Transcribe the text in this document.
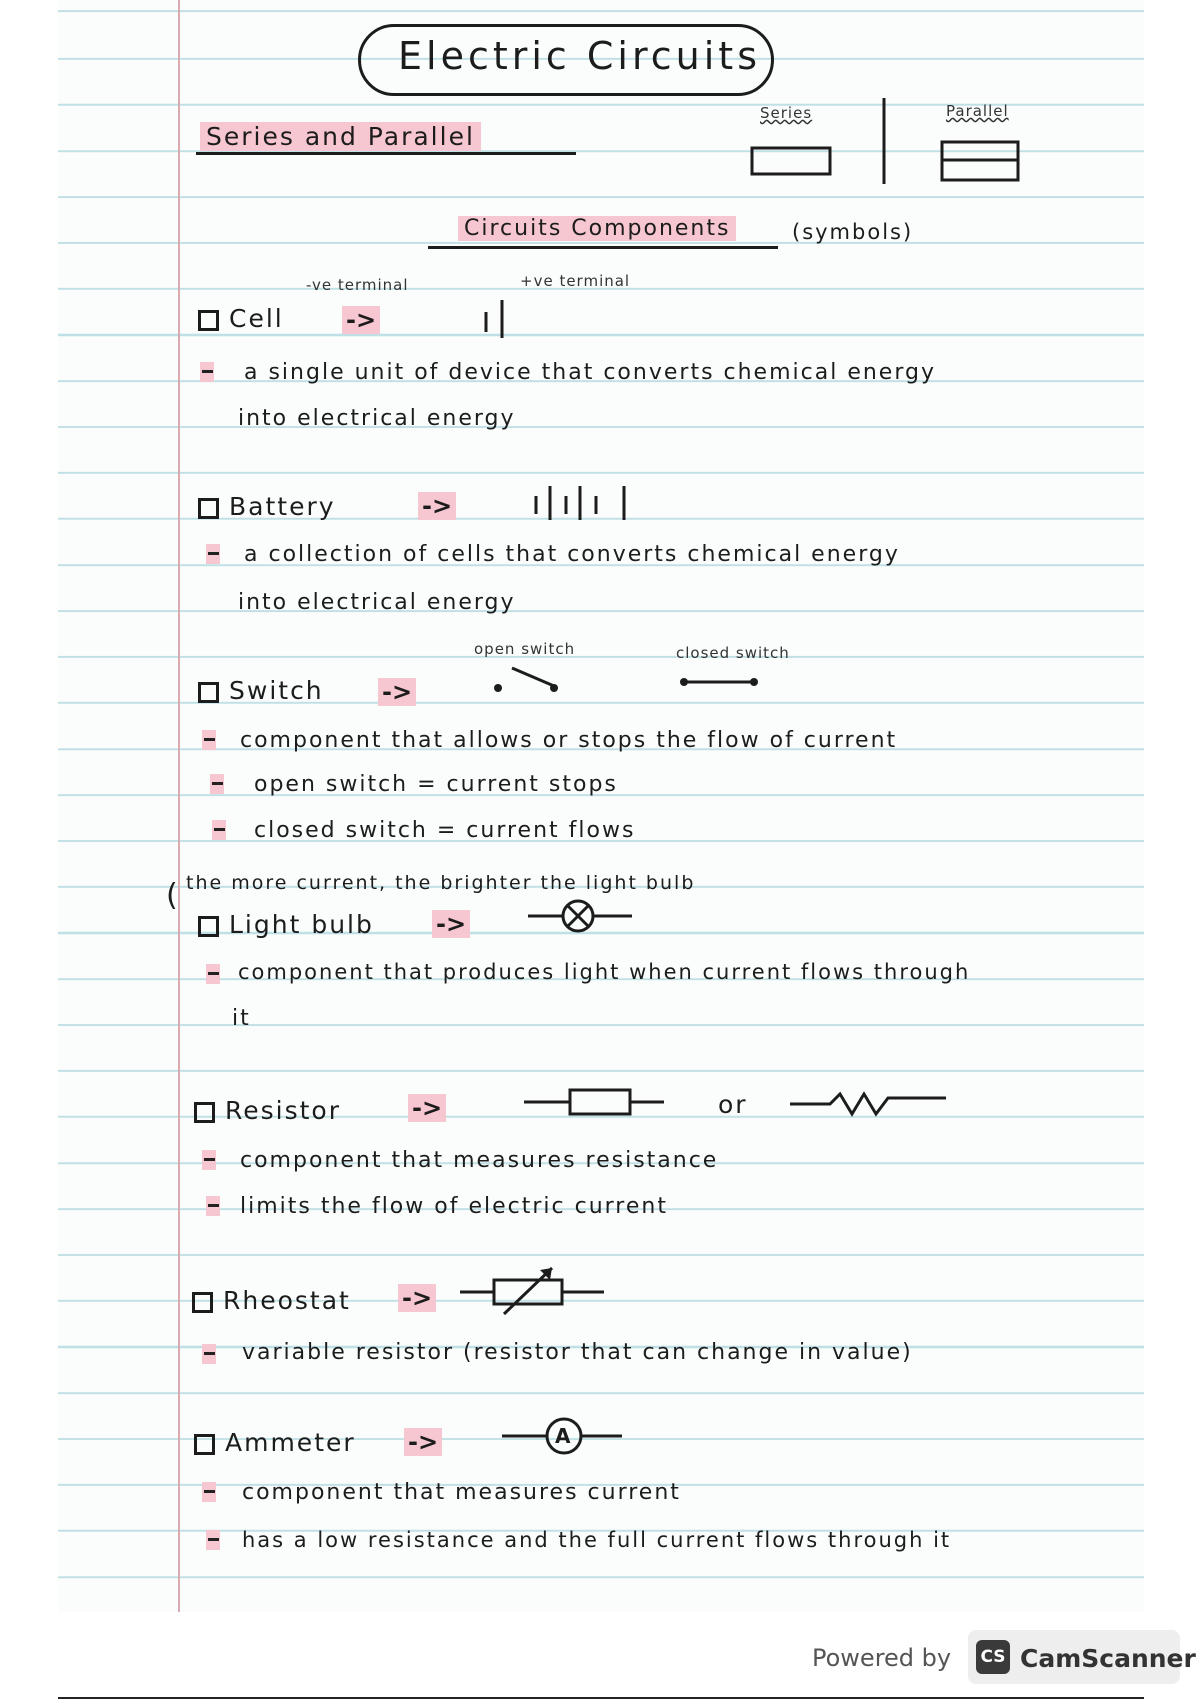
Electric Circuits
Series and Parallel
Series	Parallel
Circuits Components	(symbols)
-ve terminal	+ve terminal
Cell	->
a single unit of device that converts chemical energy
into electrical energy
Battery	->
a collection of cells that converts chemical energy
into electrical energy
open switch	closed switch
Switch ->
component that allows or stops the flow of current
open switch = current stops
closed switch = current flows
( the more current, the brighter the light bulb
Light bulb	->
component that produces light when current flows through
it
Resistor	->	or
component that measures resistance
limits the flow of electric current
Rheostat ->
variable resistor (resistor that can change in value)
Ammeter ->	A
component that measures current
has a low resistance and the full current flows through it
Powered by CS CamScanner
